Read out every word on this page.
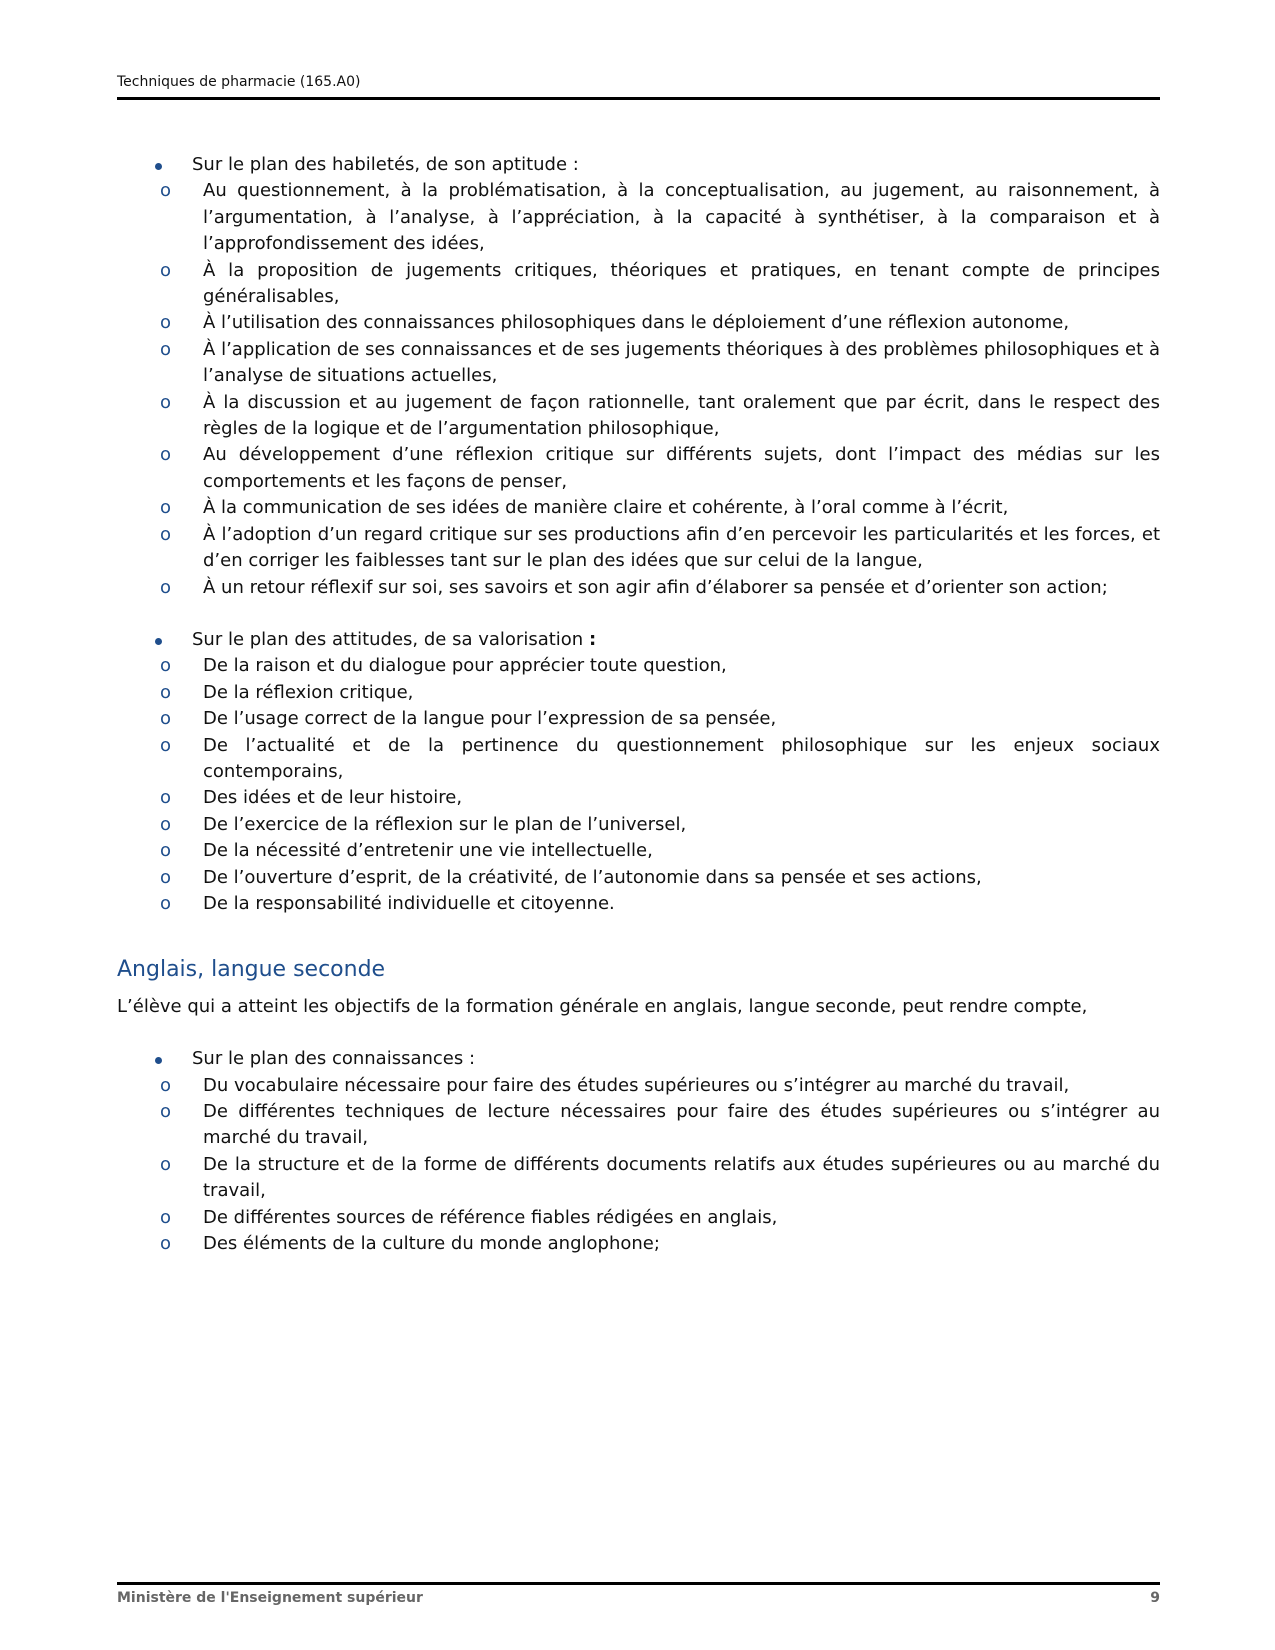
Techniques de pharmacie (165.A0)
Sur le plan des habiletés, de son aptitude :
o Au questionnement, à la problématisation, à la conceptualisation, au jugement, au raisonnement, à l’argumentation, à l’analyse, à l’appréciation, à la capacité à synthétiser, à la comparaison et à l’approfondissement des idées,
o À la proposition de jugements critiques, théoriques et pratiques, en tenant compte de principes généralisables,
o À l’utilisation des connaissances philosophiques dans le déploiement d’une réflexion autonome,
o À l’application de ses connaissances et de ses jugements théoriques à des problèmes philosophiques et à l’analyse de situations actuelles,
o À la discussion et au jugement de façon rationnelle, tant oralement que par écrit, dans le respect des règles de la logique et de l’argumentation philosophique,
o Au développement d’une réflexion critique sur différents sujets, dont l’impact des médias sur les comportements et les façons de penser,
o À la communication de ses idées de manière claire et cohérente, à l’oral comme à l’écrit,
o À l’adoption d’un regard critique sur ses productions afin d’en percevoir les particularités et les forces, et d’en corriger les faiblesses tant sur le plan des idées que sur celui de la langue,
o À un retour réflexif sur soi, ses savoirs et son agir afin d’élaborer sa pensée et d’orienter son action;
Sur le plan des attitudes, de sa valorisation :
o De la raison et du dialogue pour apprécier toute question,
o De la réflexion critique,
o De l’usage correct de la langue pour l’expression de sa pensée,
o De l’actualité et de la pertinence du questionnement philosophique sur les enjeux sociaux contemporains,
o Des idées et de leur histoire,
o De l’exercice de la réflexion sur le plan de l’universel,
o De la nécessité d’entretenir une vie intellectuelle,
o De l’ouverture d’esprit, de la créativité, de l’autonomie dans sa pensée et ses actions,
o De la responsabilité individuelle et citoyenne.
Anglais, langue seconde

L’élève qui a atteint les objectifs de la formation générale en anglais, langue seconde, peut rendre compte,

Sur le plan des connaissances :
o Du vocabulaire nécessaire pour faire des études supérieures ou s’intégrer au marché du travail,
o De différentes techniques de lecture nécessaires pour faire des études supérieures ou s’intégrer au marché du travail,
o De la structure et de la forme de différents documents relatifs aux études supérieures ou au marché du travail,
o De différentes sources de référence fiables rédigées en anglais,
o Des éléments de la culture du monde anglophone;
Ministère de l'Enseignement supérieur	9
